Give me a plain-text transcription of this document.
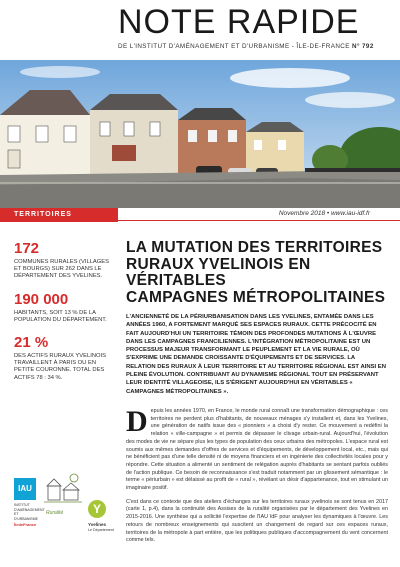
NOTE RAPIDE
DE L'INSTITUT D'AMÉNAGEMENT ET D'URBANISME - ÎLE-DE-FRANCE N° 792
TERRITOIRES	Novembre 2018 • www.iau-idf.fr
172
COMMUNES RURALES (VILLAGES ET BOURGS) SUR 262 DANS LE DÉPARTEMENT DES YVELINES.
190 000
HABITANTS, SOIT 13 % DE LA POPULATION DU DÉPARTEMENT.
21 %
DES ACTIFS RURAUX YVELINOIS TRAVAILLENT À PARIS OU EN PETITE COURONNE. TOTAL DES ACTIFS 78 : 34 %.
LA MUTATION DES TERRITOIRES
RURAUX YVELINOIS EN VÉRITABLES
CAMPAGNES MÉTROPOLITAINES
L'ANCIENNETÉ DE LA PÉRIURBANISATION DANS LES YVELINES, ENTAMÉE DANS LES ANNÉES 1960, A FORTEMENT MARQUÉ SES ESPACES RURAUX. CETTE PRÉCOCITÉ EN FAIT AUJOURD'HUI UN TERRITOIRE TÉMOIN DES PROFONDES MUTATIONS À L'ŒUVRE DANS LES CAMPAGNES FRANCILIENNES. L'INTÉGRATION MÉTROPOLITAINE EST UN PROCESSUS MAJEUR TRANSFORMANT LE PEUPLEMENT ET LA VIE RURALE, OÙ S'EXPRIME UNE DEMANDE CROISSANTE D'ÉQUIPEMENTS ET DE SERVICES. LA RELATION DES RURAUX À LEUR TERRITOIRE ET AU TERRITOIRE RÉGIONAL EST AINSI EN PLEINE ÉVOLUTION. CONTRIBUANT AU DYNAMISME RÉGIONAL TOUT EN PRÉSERVANT LEUR IDENTITÉ VILLAGEOISE, ILS S'ÉRIGENT AUJOURD'HUI EN VÉRITABLES « CAMPAGNES MÉTROPOLITAINES ».

D epuis les années 1970, en France, le monde rural connaît une transformation démographique : ces territoires ne perdent plus d'habitants, de nouveaux ménages s'y installent et, dans les Yvelines, une génération de natifs issue des « pionniers » a choisi d'y rester. Ce mouvement a redéfini la relation « ville-campagne » et permis de dépasser le clivage urbain-rural. Aujourd'hui, l'évolution des modes de vie ne sépare plus les types de population des ceux urbains des métropoles. L'espace rural est soumis aux mêmes demandes d'offres de services et d'équipements, de développement local, etc., mais qui ne bénéficient pas d'une telle densité ni de moyens financiers et en ingénierie des collectivités locales pour y répondre. Cette situation a alimenté un sentiment de relégation auprès d'habitants se sentant parfois oubliés de l'action publique. Ce besoin de reconnaissance s'est traduit notamment par un glissement sémantique : le terme « périurbain » est délaissé au profit de « rural », révélant un désir d'appartenance, tout en stimulant un imaginaire positif.

C'est dans ce contexte que des ateliers d'échanges sur les territoires ruraux yvelinois se sont tenus en 2017 (carte 1, p.4), dans la continuité des Assises de la ruralité organisées par le département des Yvelines en 2015-2016. Une synthèse qui a sollicité l'expertise de l'IAU îdF pour analyser les dynamiques à l'œuvre. Les retours de nombreux enseignements qui suscitent un changement de regard sur ces espaces ruraux, territoires de la métropole à part entière, que les politiques publiques d'accompagnement du vent concernent comme tels.

IAU
INSTITUT D'AMÉNAGEMENT ET D'URBANISME
ÎledeFrance
Ruralité	Y
Yvelines
Le Département
